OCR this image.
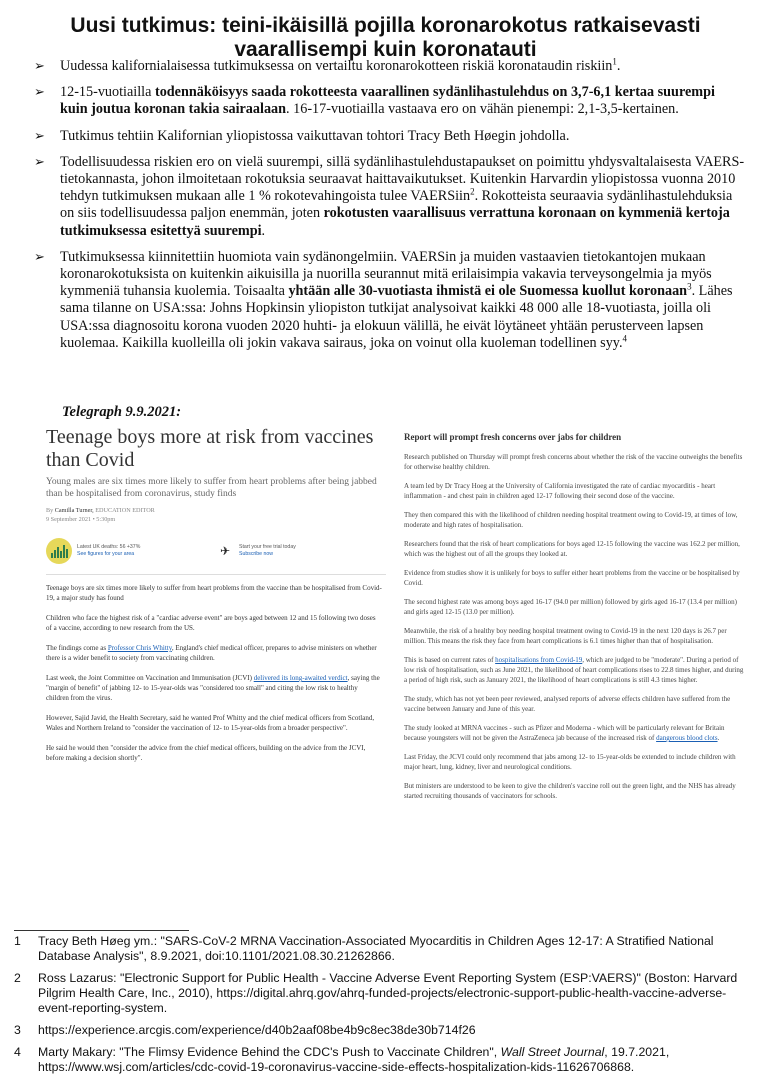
Uusi tutkimus: teini-ikäisillä pojilla koronarokotus ratkaisevasti vaarallisempi kuin koronatauti
➢ Uudessa kalifornialaisessa tutkimuksessa on vertailtu koronarokotteen riskiä koronataudin riskiin$^1$.
➢ 12-15-vuotiailla todennäköisyys saada rokotteesta vaarallinen sydänlihastulehdus on 3,7-6,1 kertaa suurempi kuin joutua koronan takia sairaalaan. 16-17-vuotiailla vastaava ero on vähän pienempi: 2,1-3,5-kertainen.
➢ Tutkimus tehtiin Kalifornian yliopistossa vaikuttavan tohtori Tracy Beth Høegin johdolla.
➢ Todellisuudessa riskien ero on vielä suurempi, sillä sydänlihastulehdustapaukset on poimittu yhdysvaltalaisesta VAERS-tietokannasta, johon ilmoitetaan rokotuksia seuraavat haittavaikutukset. Kuitenkin Harvardin yliopistossa vuonna 2010 tehdyn tutkimuksen mukaan alle 1 % rokotevahingoista tulee VAERSiin$^2$. Rokotteista seuraavia sydänlihastulehduksia on siis todellisuudessa paljon enemmän, joten rokotusten vaarallisuus verrattuna koronaan on kymmeniä kertoja tutkimuksessa esitettyä suurempi.
➢ Tutkimuksessa kiinnitettiin huomiota vain sydänongelmiin. VAERSin ja muiden vastaavien tietokantojen mukaan koronarokotuksista on kuitenkin aikuisilla ja nuorilla seurannut mitä erilaisimpia vakavia terveysongelmia ja myös kymmeniä tuhansia kuolemia. Toisaalta yhtään alle 30-vuotiasta ihmistä ei ole Suomessa kuollut koronaan$^3$. Lähes sama tilanne on USA:ssa: Johns Hopkinsin yliopiston tutkijat analysoivat kaikki 48 000 alle 18-vuotiasta, joilla oli USA:ssa diagnosoitu korona vuoden 2020 huhti- ja elokuun välillä, he eivät löytäneet yhtään perusterveen lapsen kuolemaa. Kaikilla kuolleilla oli jokin vakava sairaus, joka on voinut olla kuoleman todellinen syy.$^4$
Telegraph 9.9.2021:
Teenage boys more at risk from vaccines than Covid
Young males are six times more likely to suffer from heart problems after being jabbed than be hospitalised from coronavirus, study finds
By Camilla Turner, EDUCATION EDITOR
9 September 2021 • 5:30pm
Latest UK deaths: 56 +37%
See figures for your area	✈	Start your free trial today
Subscribe now
Teenage boys are six times more likely to suffer from heart problems from the vaccine than be hospitalised from Covid-19, a major study has found
Children who face the highest risk of a "cardiac adverse event" are boys aged between 12 and 15 following two doses of a vaccine, according to new research from the US.
The findings come as Professor Chris Whitty, England's chief medical officer, prepares to advise ministers on whether there is a wider benefit to society from vaccinating children.
Last week, the Joint Committee on Vaccination and Immunisation (JCVI) delivered its long-awaited verdict, saying the "margin of benefit" of jabbing 12- to 15-year-olds was "considered too small" and citing the low risk to healthy children from the virus.
However, Sajid Javid, the Health Secretary, said he wanted Prof Whitty and the chief medical officers from Scotland, Wales and Northern Ireland to "consider the vaccination of 12- to 15-year-olds from a broader perspective".
He said he would then "consider the advice from the chief medical officers, building on the advice from the JCVI, before making a decision shortly".
Report will prompt fresh concerns over jabs for children
Research published on Thursday will prompt fresh concerns about whether the risk of the vaccine outweighs the benefits for otherwise healthy children.
A team led by Dr Tracy Hoeg at the University of California investigated the rate of cardiac myocarditis - heart inflammation - and chest pain in children aged 12-17 following their second dose of the vaccine.
They then compared this with the likelihood of children needing hospital treatment owing to Covid-19, at times of low, moderate and high rates of hospitalisation.
Researchers found that the risk of heart complications for boys aged 12-15 following the vaccine was 162.2 per million, which was the highest out of all the groups they looked at.
Evidence from studies show it is unlikely for boys to suffer either heart problems from the vaccine or be hospitalised by Covid.
The second highest rate was among boys aged 16-17 (94.0 per million) followed by girls aged 16-17 (13.4 per million) and girls aged 12-15 (13.0 per million).
Meanwhile, the risk of a healthy boy needing hospital treatment owing to Covid-19 in the next 120 days is 26.7 per million. This means the risk they face from heart complications is 6.1 times higher than that of hospitalisation.
This is based on current rates of hospitalisations from Covid-19, which are judged to be "moderate". During a period of low risk of hospitalisation, such as June 2021, the likelihood of heart complications rises to 22.8 times higher, and during a period of high risk, such as January 2021, the likelihood of heart complications is still 4.3 times higher.
The study, which has not yet been peer reviewed, analysed reports of adverse effects children have suffered from the vaccine between January and June of this year.
The study looked at MRNA vaccines - such as Pfizer and Moderna - which will be particularly relevant for Britain because youngsters will not be given the AstraZeneca jab because of the increased risk of dangerous blood clots.
Last Friday, the JCVI could only recommend that jabs among 12- to 15-year-olds be extended to include children with major heart, lung, kidney, liver and neurological conditions.
But ministers are understood to be keen to give the children's vaccine roll out the green light, and the NHS has already started recruiting thousands of vaccinators for schools.
1 Tracy Beth Høeg ym.: "SARS-CoV-2 MRNA Vaccination-Associated Myocarditis in Children Ages 12-17: A Stratified National Database Analysis", 8.9.2021, doi:10.1101/2021.08.30.21262866.
2 Ross Lazarus: "Electronic Support for Public Health - Vaccine Adverse Event Reporting System (ESP:VAERS)" (Boston: Harvard Pilgrim Health Care, Inc., 2010), https://digital.ahrq.gov/ahrq-funded-projects/electronic-support-public-health-vaccine-adverse-event-reporting-system.
3 https://experience.arcgis.com/experience/d40b2aaf08be4b9c8ec38de30b714f26
4 Marty Makary: "The Flimsy Evidence Behind the CDC's Push to Vaccinate Children", Wall Street Journal, 19.7.2021, https://www.wsj.com/articles/cdc-covid-19-coronavirus-vaccine-side-effects-hospitalization-kids-11626706868.
